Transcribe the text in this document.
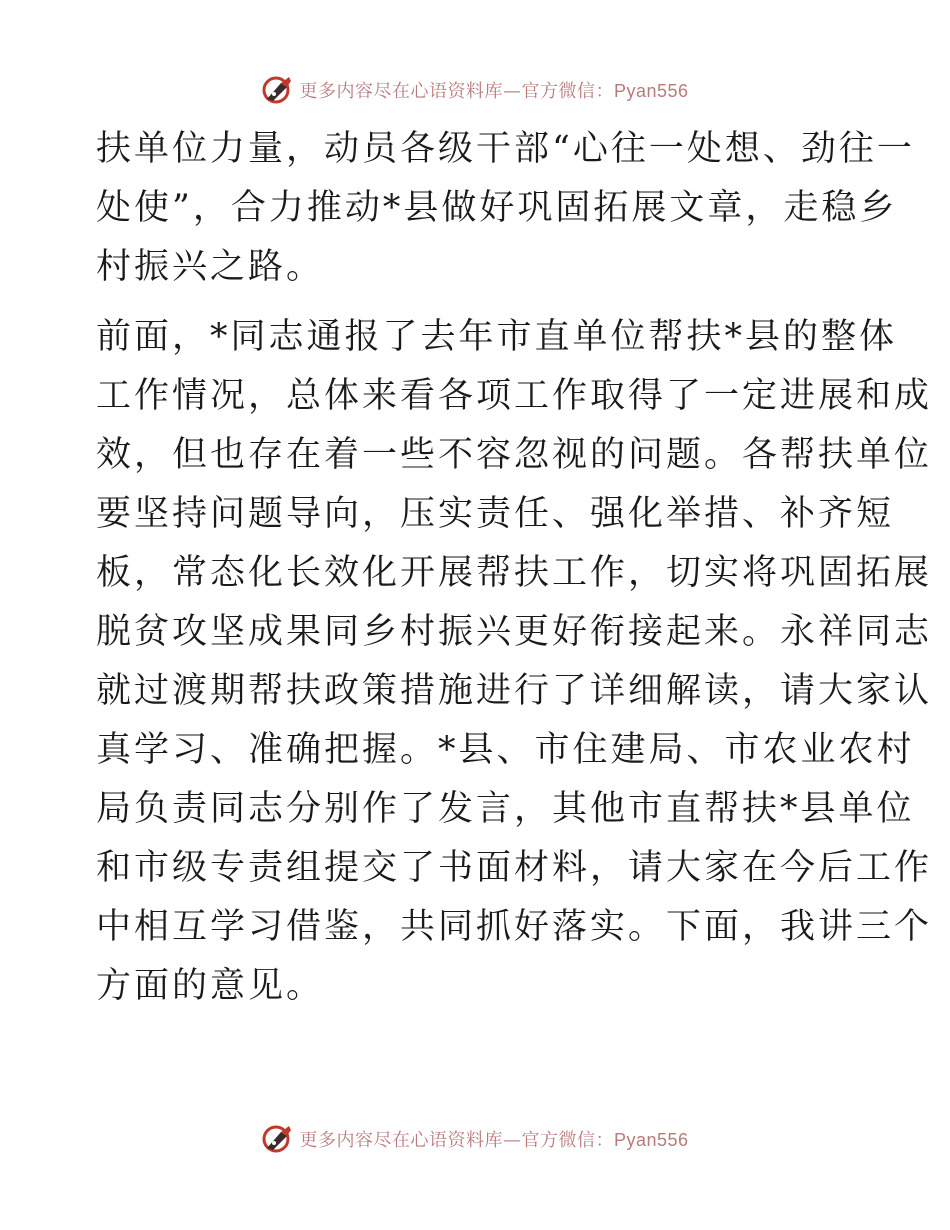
更多内容尽在心语资料库—官方微信：Pyan556
扶单位力量，动员各级干部“心往一处想、劲往一
处使”，合力推动*县做好巩固拓展文章，走稳乡
村振兴之路。
前面，*同志通报了去年市直单位帮扶*县的整体
工作情况，总体来看各项工作取得了一定进展和成
效，但也存在着一些不容忽视的问题。各帮扶单位
要坚持问题导向，压实责任、强化举措、补齐短
板，常态化长效化开展帮扶工作，切实将巩固拓展
脱贫攻坚成果同乡村振兴更好衔接起来。永祥同志
就过渡期帮扶政策措施进行了详细解读，请大家认
真学习、准确把握。*县、市住建局、市农业农村
局负责同志分别作了发言，其他市直帮扶*县单位
和市级专责组提交了书面材料，请大家在今后工作
中相互学习借鉴，共同抓好落实。下面，我讲三个
方面的意见。
更多内容尽在心语资料库—官方微信：Pyan556
